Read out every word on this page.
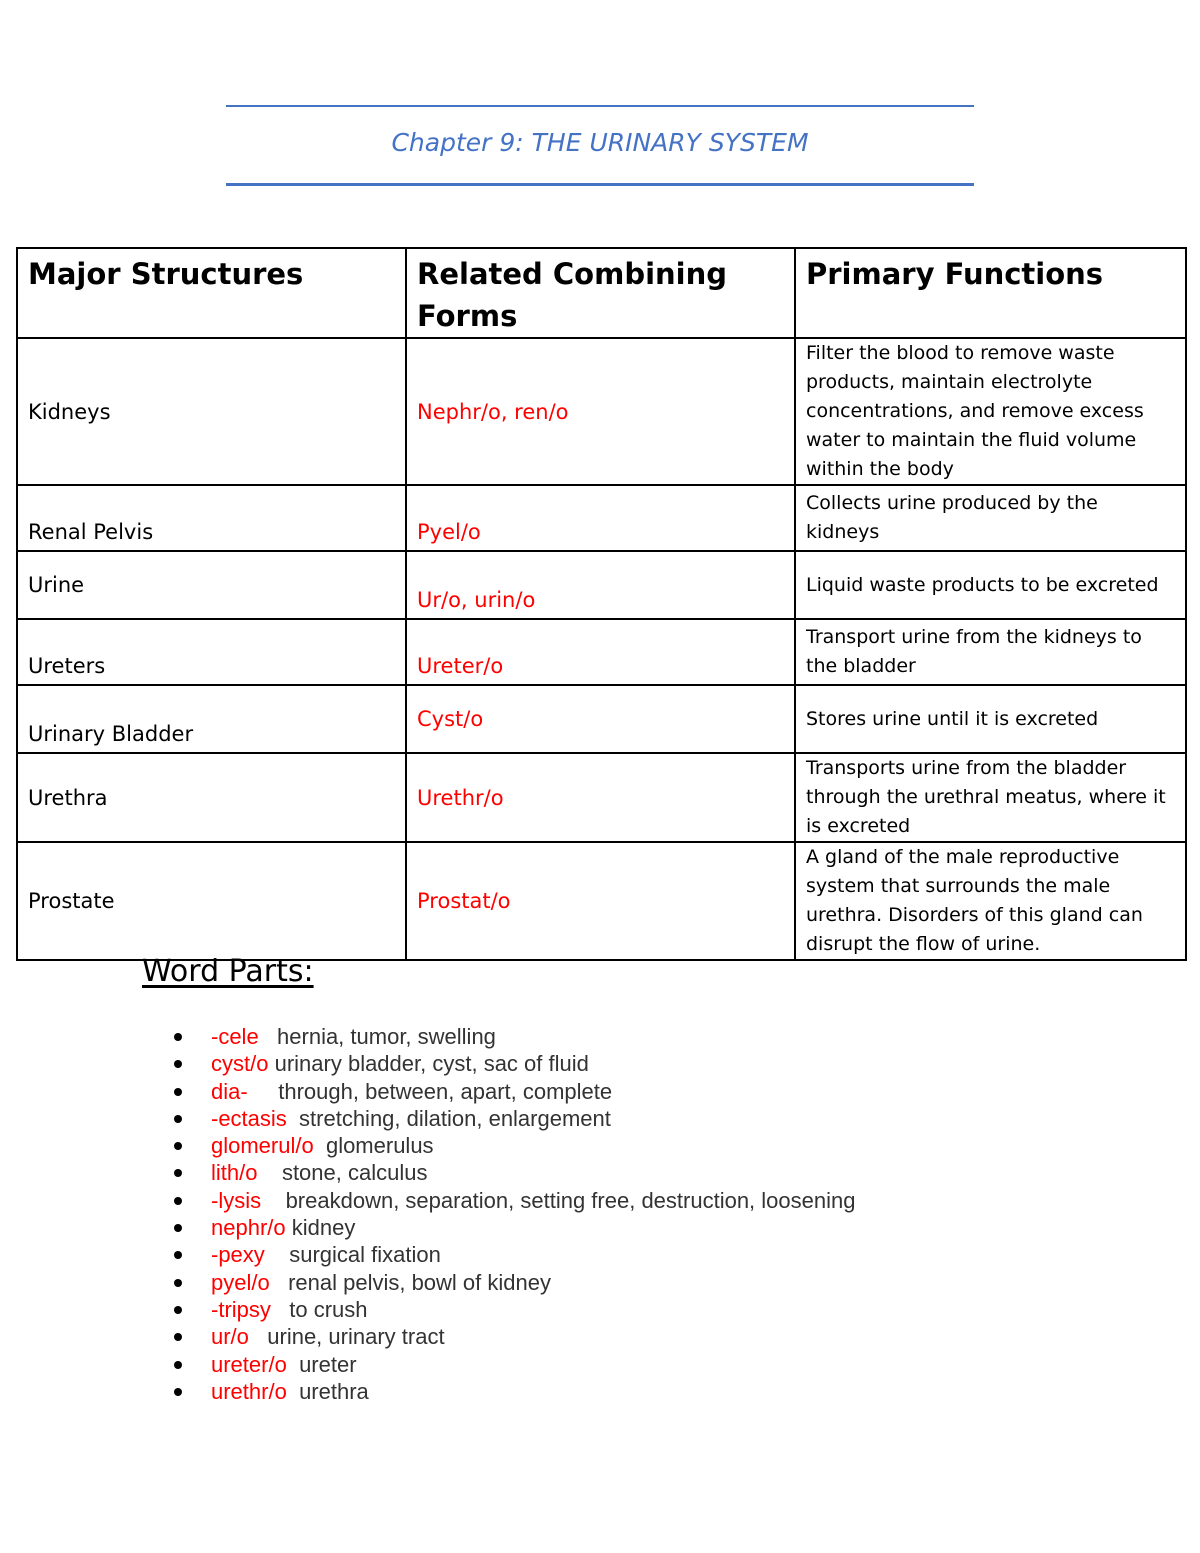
Chapter 9: THE URINARY SYSTEM
Major Structures	Related Combining Forms	Primary Functions
Kidneys	Nephr/o, ren/o	Filter the blood to remove waste products, maintain electrolyte concentrations, and remove excess water to maintain the fluid volume within the body
Renal Pelvis	Pyel/o	Collects urine produced by the kidneys
Urine	Ur/o, urin/o	Liquid waste products to be excreted
Ureters	Ureter/o	Transport urine from the kidneys to the bladder
Urinary Bladder	Cyst/o	Stores urine until it is excreted
Urethra	Urethr/o	Transports urine from the bladder through the urethral meatus, where it is excreted
Prostate	Prostat/o	A gland of the male reproductive system that surrounds the male urethra. Disorders of this gland can disrupt the flow of urine.
Word Parts:
-cele hernia, tumor, swelling
cyst/o urinary bladder, cyst, sac of fluid
dia- through, between, apart, complete
-ectasis stretching, dilation, enlargement
glomerul/o glomerulus
lith/o stone, calculus
-lysis breakdown, separation, setting free, destruction, loosening
nephr/o kidney
-pexy surgical fixation
pyel/o renal pelvis, bowl of kidney
-tripsy to crush
ur/o urine, urinary tract
ureter/o ureter
urethr/o urethra
